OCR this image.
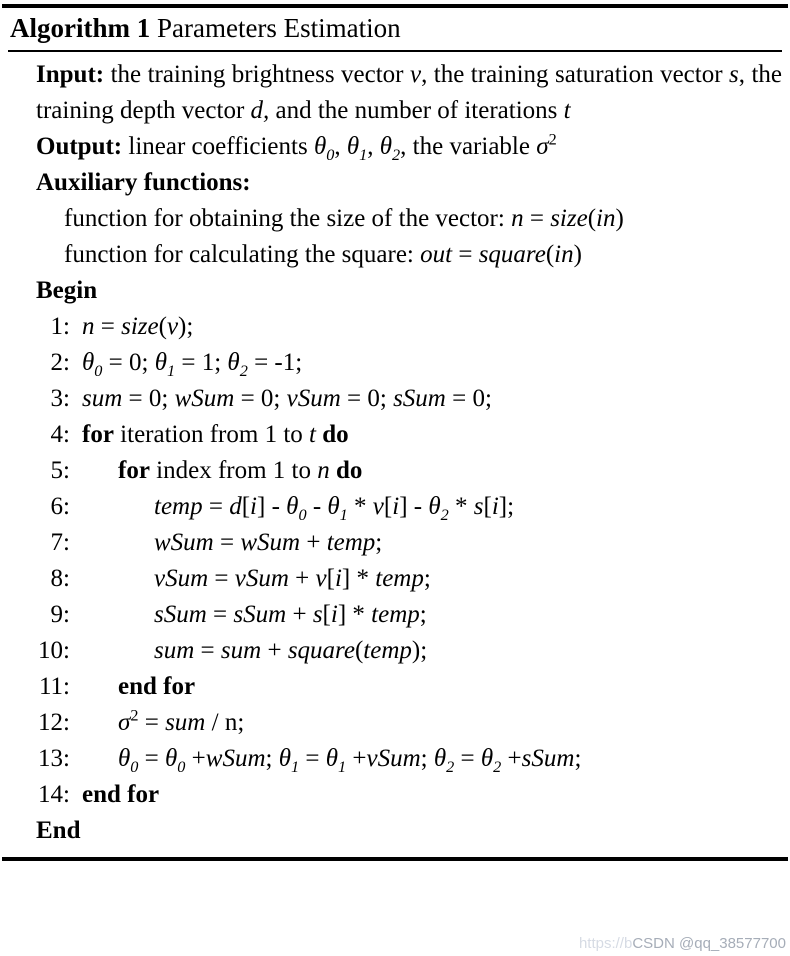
Algorithm 1 Parameters Estimation
Input: the training brightness vector v, the training saturation vector s, the training depth vector d, and the number of iterations t
Output: linear coefficients $\theta_0$, $\theta_1$, $\theta_2$, the variable $\sigma^2$
Auxiliary functions:
function for obtaining the size of the vector: n = size(in)
function for calculating the square: out = square(in)
Begin
1: n = size(v);
2: $\theta_0 = 0$; $\theta_1 = 1$; $\theta_2 = -1$;
3: sum = 0; wSum = 0; vSum = 0; sSum = 0;
4: for iteration from 1 to t do
5:	for index from 1 to n do
6:	temp = $d[i] - \theta_0 - \theta_1 * v[i] - \theta_2 * s[i]$;
7:	wSum = wSum + temp;
8:	vSum = vSum + v[i] * temp;
9:	sSum = sSum + s[i] * temp;
10:	sum = sum + square(temp);
11:	end for
12:	$\sigma^2$ = sum / n;
13:	$\theta_0 = \theta_0$ +wSum; $\theta_1 = \theta_1$ +vSum; $\theta_2 = \theta_2$ +sSum;
14: end for
End
https://bCSDN @qq_38577700
